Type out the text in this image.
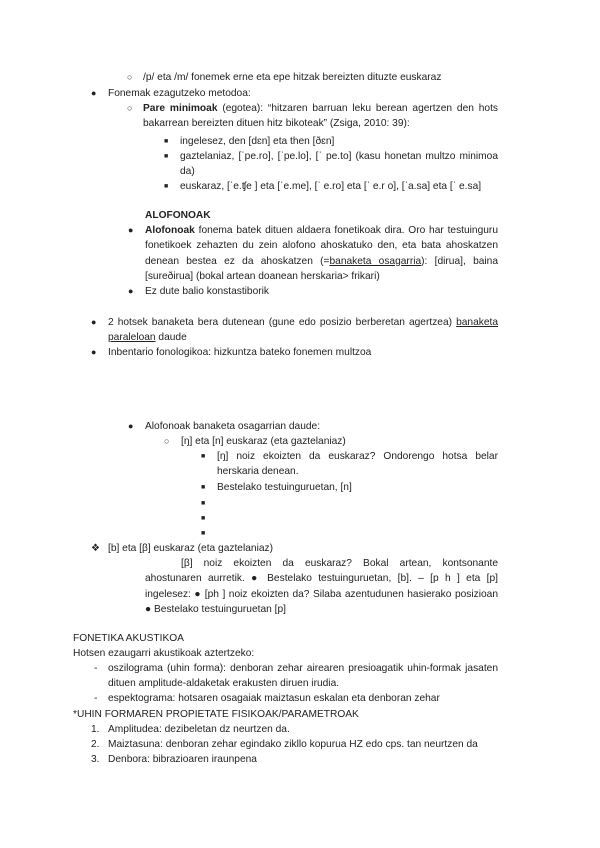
○ /p/ eta /m/ fonemek erne eta epe hitzak bereizten dituzte euskaraz
● Fonemak ezagutzeko metodoa:
○ Pare minimoak (egotea): “hitzaren barruan leku berean agertzen den hots bakarrean bereizten dituen hitz bikoteak” (Zsiga, 2010: 39):
■ ingelesez, den [dɛn] eta then [ðɛn]
■ gaztelaniaz, [ˈpe.ro], [ˈpe.lo], [ˈ pe.to] (kasu honetan multzo minimoa da)
■ euskaraz, [ˈe.ʧe ] eta [ˈe.me], [ˈ e.ro] eta [ˈ e.r o], [ˈa.sa] eta [ˈ e.sa]
ALOFONOAK
● Alofonoak fonema batek dituen aldaera fonetikoak dira. Oro har testuinguru fonetikoek zehazten du zein alofono ahoskatuko den, eta bata ahoskatzen denean bestea ez da ahoskatzen (=banaketa osagarria): [dirua], baina [sureðirua] (bokal artean doanean herskaria> frikari)
● Ez dute balio konstastiborik
● 2 hotsek banaketa bera dutenean (gune edo posizio berberetan agertzea) banaketa paraleloan daude
● Inbentario fonologikoa: hizkuntza bateko fonemen multzoa
● Alofonoak banaketa osagarrian daude:
○ [ŋ] eta [n] euskaraz (eta gaztelaniaz)
■ [ŋ] noiz ekoizten da euskaraz? Ondorengo hotsa belar herskaria denean.
■ Bestelako testuinguruetan, [n]
■
■
■
❖ [b] eta [β] euskaraz (eta gaztelaniaz)
[β] noiz ekoizten da euskaraz? Bokal artean, kontsonante ahostunaren aurretik. ● Bestelako testuinguruetan, [b]. – [p h ] eta [p] ingelesez: ● [ph ] noiz ekoizten da? Silaba azentudunen hasierako posizioan ● Bestelako testuinguruetan [p]
FONETIKA AKUSTIKOA
Hotsen ezaugarri akustikoak aztertzeko:
- oszilograma (uhin forma): denboran zehar airearen presioagatik uhin-formak jasaten dituen amplitude-aldaketak erakusten diruen irudia.
- espektograma: hotsaren osagaiak maiztasun eskalan eta denboran zehar
*UHIN FORMAREN PROPIETATE FISIKOAK/PARAMETROAK
1. Amplitudea: dezibeletan dz neurtzen da.
2. Maiztasuna: denboran zehar egindako zikllo kopurua HZ edo cps. tan neurtzen da
3. Denbora: bibrazioaren iraunpena
